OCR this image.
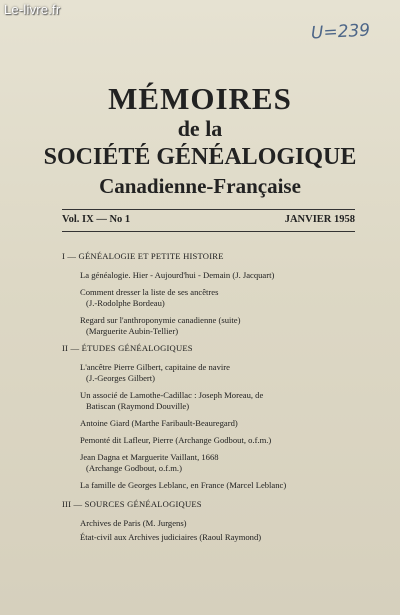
Le-livre.fr
U=239
MÉMOIRES
de la
SOCIÉTÉ GÉNÉALOGIQUE
Canadienne-Française
Vol. IX — No 1	JANVIER 1958
I — GÉNÉALOGIE ET PETITE HISTOIRE
La généalogie. Hier - Aujourd'hui - Demain (J. Jacquart)
Comment dresser la liste de ses ancêtres
(J.-Rodolphe Bordeau)
Regard sur l'anthroponymie canadienne (suite)
(Marguerite Aubin-Tellier)
II — ÉTUDES GÉNÉALOGIQUES
L'ancêtre Pierre Gilbert, capitaine de navire
(J.-Georges Gilbert)
Un associé de Lamothe-Cadillac : Joseph Moreau, de
Batiscan (Raymond Douville)
Antoine Giard (Marthe Faribault-Beauregard)
Pemonté dit Lafleur, Pierre (Archange Godbout, o.f.m.)
Jean Dagna et Marguerite Vaillant, 1668
(Archange Godbout, o.f.m.)
La famille de Georges Leblanc, en France (Marcel Leblanc)
III — SOURCES GÉNÉALOGIQUES
Archives de Paris (M. Jurgens)
État-civil aux Archives judiciaires (Raoul Raymond)
